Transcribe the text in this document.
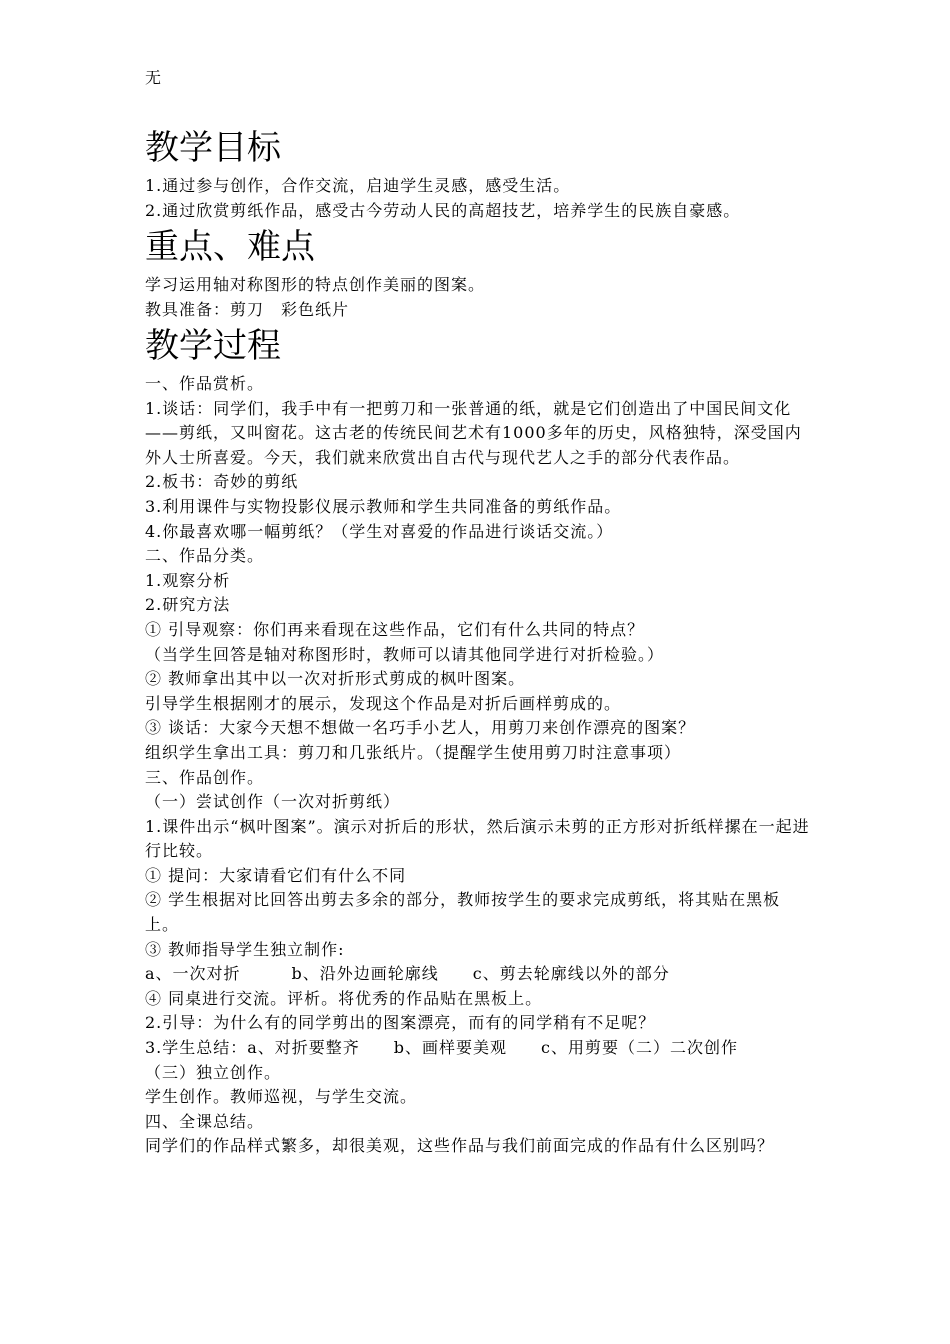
无
教学目标

1.通过参与创作，合作交流，启迪学生灵感，感受生活。

2.通过欣赏剪纸作品，感受古今劳动人民的高超技艺，培养学生的民族自豪感。

重点、难点

学习运用轴对称图形的特点创作美丽的图案。

教具准备：剪刀　彩色纸片

教学过程

一、作品赏析。

1.谈话：同学们，我手中有一把剪刀和一张普通的纸，就是它们创造出了中国民间文化——剪纸，又叫窗花。这古老的传统民间艺术有1000多年的历史，风格独特，深受国内外人士所喜爱。今天，我们就来欣赏出自古代与现代艺人之手的部分代表作品。

2.板书：奇妙的剪纸

3.利用课件与实物投影仪展示教师和学生共同准备的剪纸作品。

4.你最喜欢哪一幅剪纸？（学生对喜爱的作品进行谈话交流。）

二、作品分类。

1.观察分析

2.研究方法

① 引导观察：你们再来看现在这些作品，它们有什么共同的特点？

（当学生回答是轴对称图形时，教师可以请其他同学进行对折检验。）

② 教师拿出其中以一次对折形式剪成的枫叶图案。

引导学生根据刚才的展示，发现这个作品是对折后画样剪成的。

③ 谈话：大家今天想不想做一名巧手小艺人，用剪刀来创作漂亮的图案？

组织学生拿出工具：剪刀和几张纸片。（提醒学生使用剪刀时注意事项）

三、作品创作。

（一）尝试创作（一次对折剪纸）

1.课件出示“枫叶图案”。演示对折后的形状，然后演示未剪的正方形对折纸样摞在一起进行比较。

① 提问：大家请看它们有什么不同

② 学生根据对比回答出剪去多余的部分，教师按学生的要求完成剪纸，将其贴在黑板上。

③ 教师指导学生独立制作:

a、一次对折　　　b、沿外边画轮廓线　　c、剪去轮廓线以外的部分

④ 同桌进行交流。评析。将优秀的作品贴在黑板上。

2.引导：为什么有的同学剪出的图案漂亮，而有的同学稍有不足呢？

3.学生总结：a、对折要整齐　　b、画样要美观　　c、用剪要（二）二次创作

（三）独立创作。

学生创作。教师巡视，与学生交流。

四、全课总结。

同学们的作品样式繁多，却很美观，这些作品与我们前面完成的作品有什么区别吗？
